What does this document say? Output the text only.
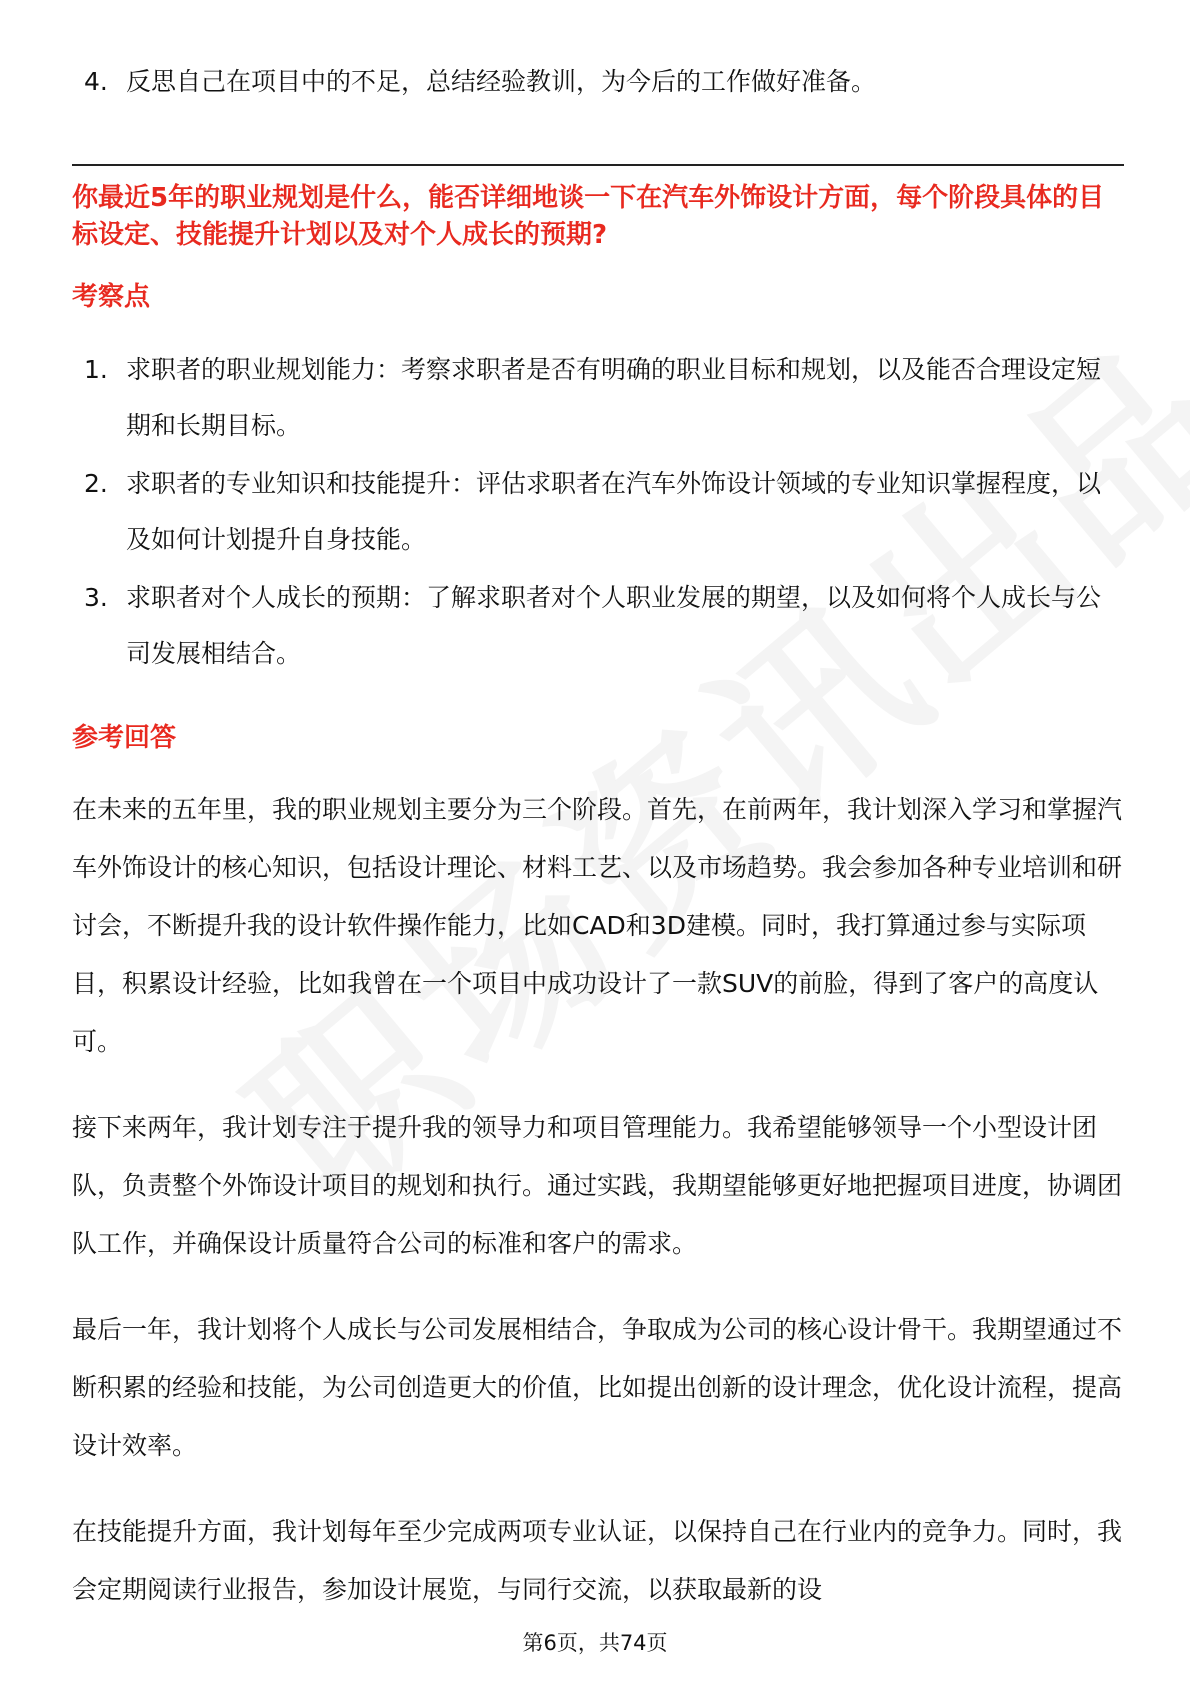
4. 反思自己在项目中的不足，总结经验教训，为今后的工作做好准备。
你最近5年的职业规划是什么，能否详细地谈一下在汽车外饰设计方面，每个阶段具体的目标设定、技能提升计划以及对个人成长的预期?
考察点
1. 求职者的职业规划能力：考察求职者是否有明确的职业目标和规划，以及能否合理设定短期和长期目标。
2. 求职者的专业知识和技能提升：评估求职者在汽车外饰设计领域的专业知识掌握程度，以及如何计划提升自身技能。
3. 求职者对个人成长的预期：了解求职者对个人职业发展的期望，以及如何将个人成长与公司发展相结合。
参考回答

在未来的五年里，我的职业规划主要分为三个阶段。首先，在前两年，我计划深入学习和掌握汽车外饰设计的核心知识，包括设计理论、材料工艺、以及市场趋势。我会参加各种专业培训和研讨会，不断提升我的设计软件操作能力，比如CAD和3D建模。同时，我打算通过参与实际项目，积累设计经验，比如我曾在一个项目中成功设计了一款SUV的前脸，得到了客户的高度认可。

接下来两年，我计划专注于提升我的领导力和项目管理能力。我希望能够领导一个小型设计团队，负责整个外饰设计项目的规划和执行。通过实践，我期望能够更好地把握项目进度，协调团队工作，并确保设计质量符合公司的标准和客户的需求。

最后一年，我计划将个人成长与公司发展相结合，争取成为公司的核心设计骨干。我期望通过不断积累的经验和技能，为公司创造更大的价值，比如提出创新的设计理念，优化设计流程，提高设计效率。

在技能提升方面，我计划每年至少完成两项专业认证，以保持自己在行业内的竞争力。同时，我会定期阅读行业报告，参加设计展览，与同行交流，以获取最新的设

第6页，共74页
